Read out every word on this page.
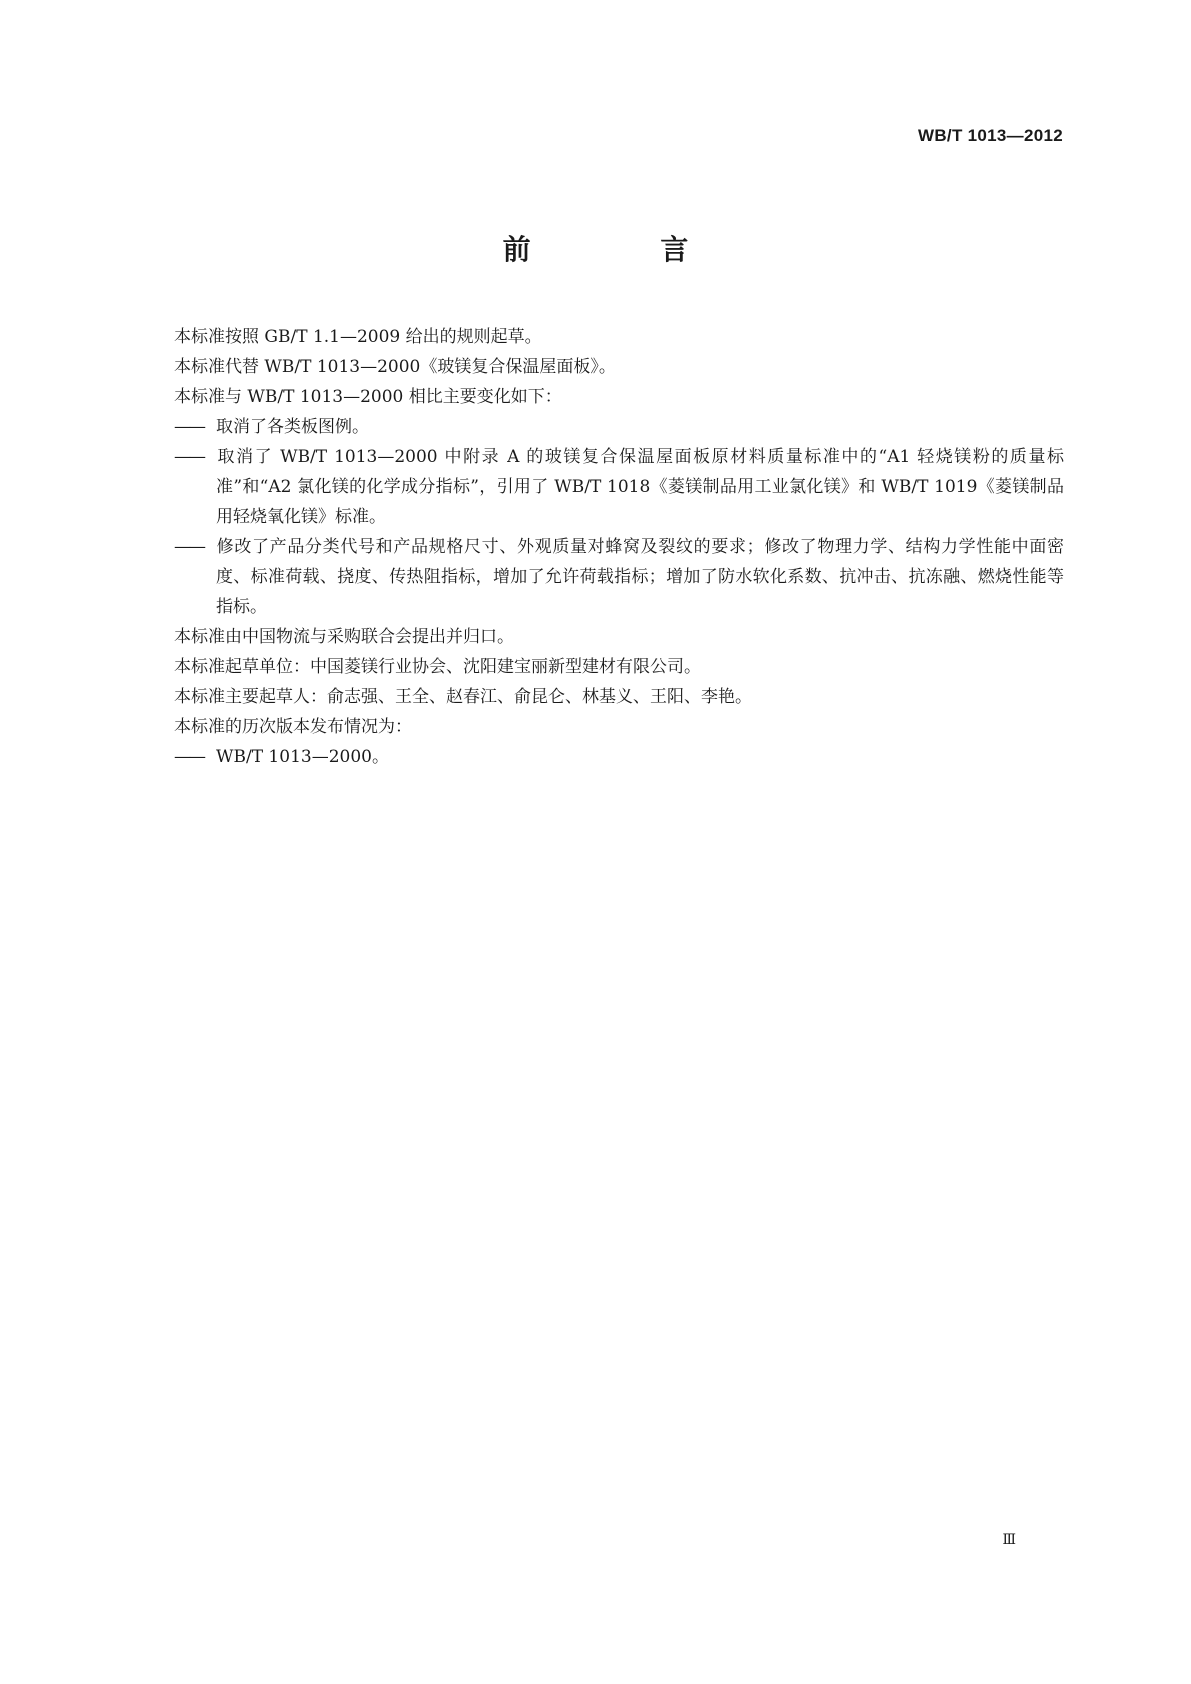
WB/T 1013—2012
前 言

本标准按照 GB/T 1.1—2009 给出的规则起草。

本标准代替 WB/T 1013—2000《玻镁复合保温屋面板》。

本标准与 WB/T 1013—2000 相比主要变化如下：

—— 取消了各类板图例。

—— 取消了 WB/T 1013—2000 中附录 A 的玻镁复合保温屋面板原材料质量标准中的“A1 轻烧镁粉的质量标准”和“A2 氯化镁的化学成分指标”，引用了 WB/T 1018《菱镁制品用工业氯化镁》和 WB/T 1019《菱镁制品用轻烧氧化镁》标准。

—— 修改了产品分类代号和产品规格尺寸、外观质量对蜂窝及裂纹的要求；修改了物理力学、结构力学性能中面密度、标准荷载、挠度、传热阻指标，增加了允许荷载指标；增加了防水软化系数、抗冲击、抗冻融、燃烧性能等指标。

本标准由中国物流与采购联合会提出并归口。

本标准起草单位：中国菱镁行业协会、沈阳建宝丽新型建材有限公司。

本标准主要起草人：俞志强、王全、赵春江、俞昆仑、林基义、王阳、李艳。

本标准的历次版本发布情况为：

—— WB/T 1013—2000。

Ⅲ
